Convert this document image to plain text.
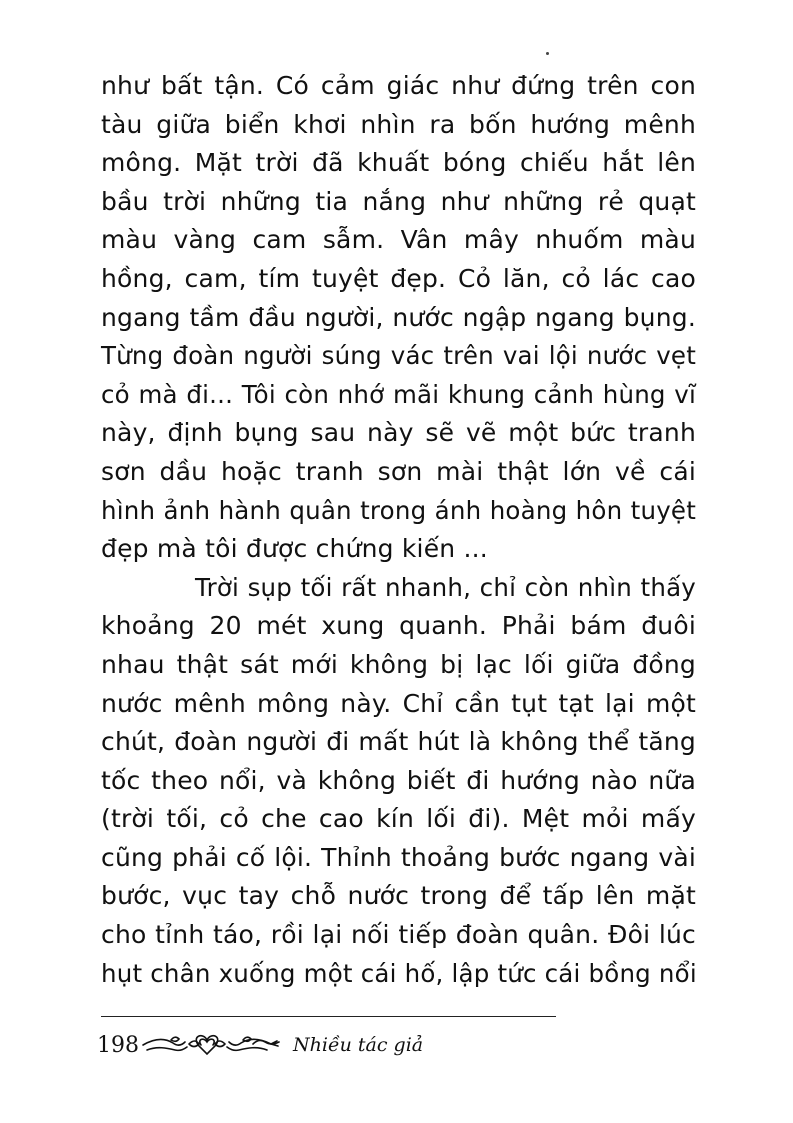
như bất tận. Có cảm giác như đứng trên con
tàu giữa biển khơi nhìn ra bốn hướng mênh
mông. Mặt trời đã khuất bóng chiếu hắt lên
bầu trời những tia nắng như những rẻ quạt
màu vàng cam sẫm. Vân mây nhuốm màu
hồng, cam, tím tuyệt đẹp. Cỏ lăn, cỏ lác cao
ngang tầm đầu người, nước ngập ngang bụng.
Từng đoàn người súng vác trên vai lội nước vẹt
cỏ mà đi... Tôi còn nhớ mãi khung cảnh hùng vĩ
này, định bụng sau này sẽ vẽ một bức tranh
sơn dầu hoặc tranh sơn mài thật lớn về cái
hình ảnh hành quân trong ánh hoàng hôn tuyệt
đẹp mà tôi được chứng kiến ...
Trời sụp tối rất nhanh, chỉ còn nhìn thấy
khoảng 20 mét xung quanh. Phải bám đuôi
nhau thật sát mới không bị lạc lối giữa đồng
nước mênh mông này. Chỉ cần tụt tạt lại một
chút, đoàn người đi mất hút là không thể tăng
tốc theo nổi, và không biết đi hướng nào nữa
(trời tối, cỏ che cao kín lối đi). Mệt mỏi mấy
cũng phải cố lội. Thỉnh thoảng bước ngang vài
bước, vục tay chỗ nước trong để tấp lên mặt
cho tỉnh táo, rồi lại nối tiếp đoàn quân. Đôi lúc
hụt chân xuống một cái hố, lập tức cái bồng nổi
198	Nhiều tác giả
